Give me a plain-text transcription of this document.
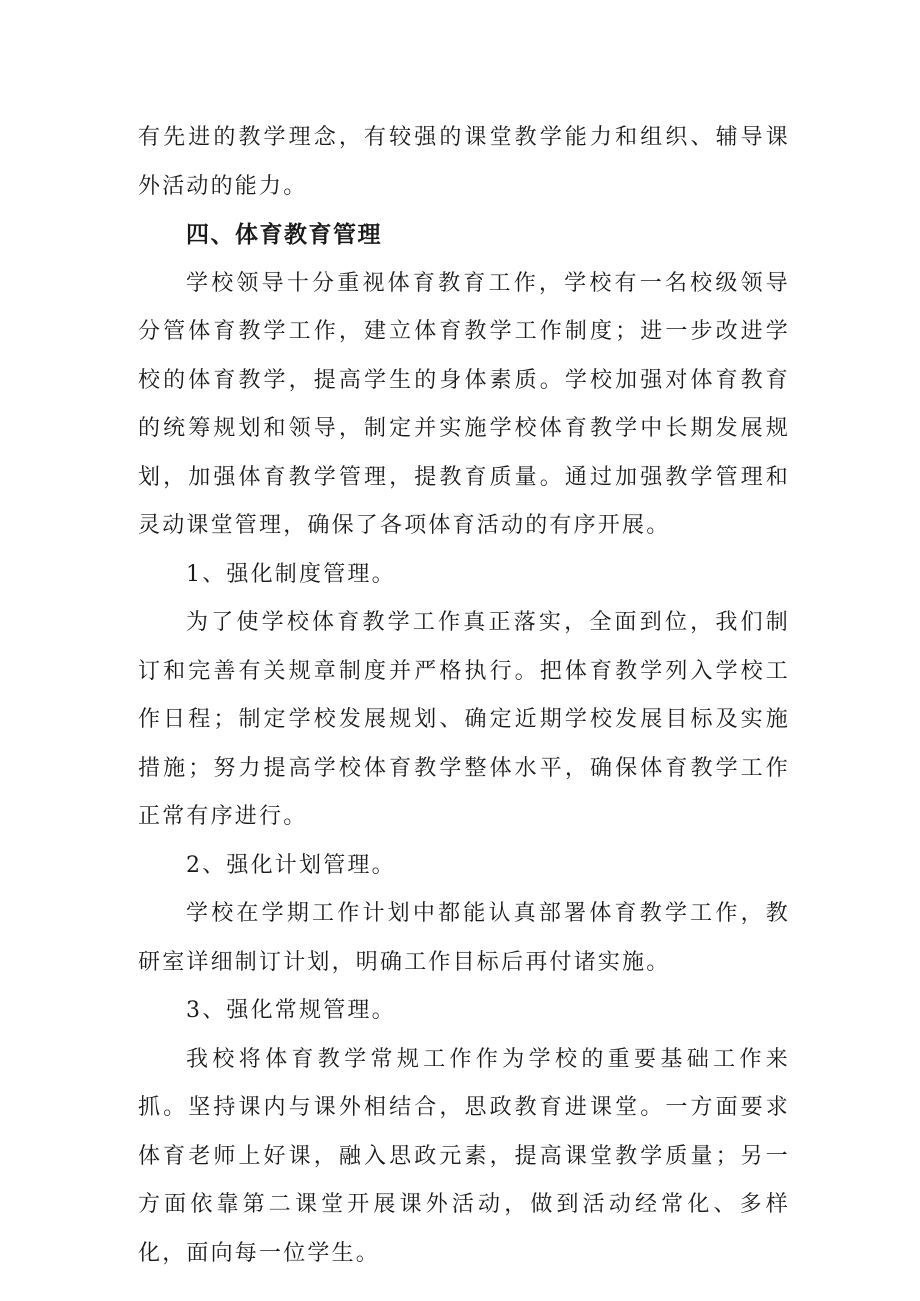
有先进的教学理念，有较强的课堂教学能力和组织、辅导课外活动的能力。

四、体育教育管理

学校领导十分重视体育教育工作，学校有一名校级领导分管体育教学工作，建立体育教学工作制度；进一步改进学校的体育教学，提高学生的身体素质。学校加强对体育教育的统筹规划和领导，制定并实施学校体育教学中长期发展规划，加强体育教学管理，提教育质量。通过加强教学管理和灵动课堂管理，确保了各项体育活动的有序开展。

1、强化制度管理。

为了使学校体育教学工作真正落实，全面到位，我们制订和完善有关规章制度并严格执行。把体育教学列入学校工作日程；制定学校发展规划、确定近期学校发展目标及实施措施；努力提高学校体育教学整体水平，确保体育教学工作正常有序进行。

2、强化计划管理。

学校在学期工作计划中都能认真部署体育教学工作，教研室详细制订计划，明确工作目标后再付诸实施。

3、强化常规管理。

我校将体育教学常规工作作为学校的重要基础工作来抓。坚持课内与课外相结合，思政教育进课堂。一方面要求体育老师上好课，融入思政元素，提高课堂教学质量；另一方面依靠第二课堂开展课外活动，做到活动经常化、多样化，面向每一位学生。
